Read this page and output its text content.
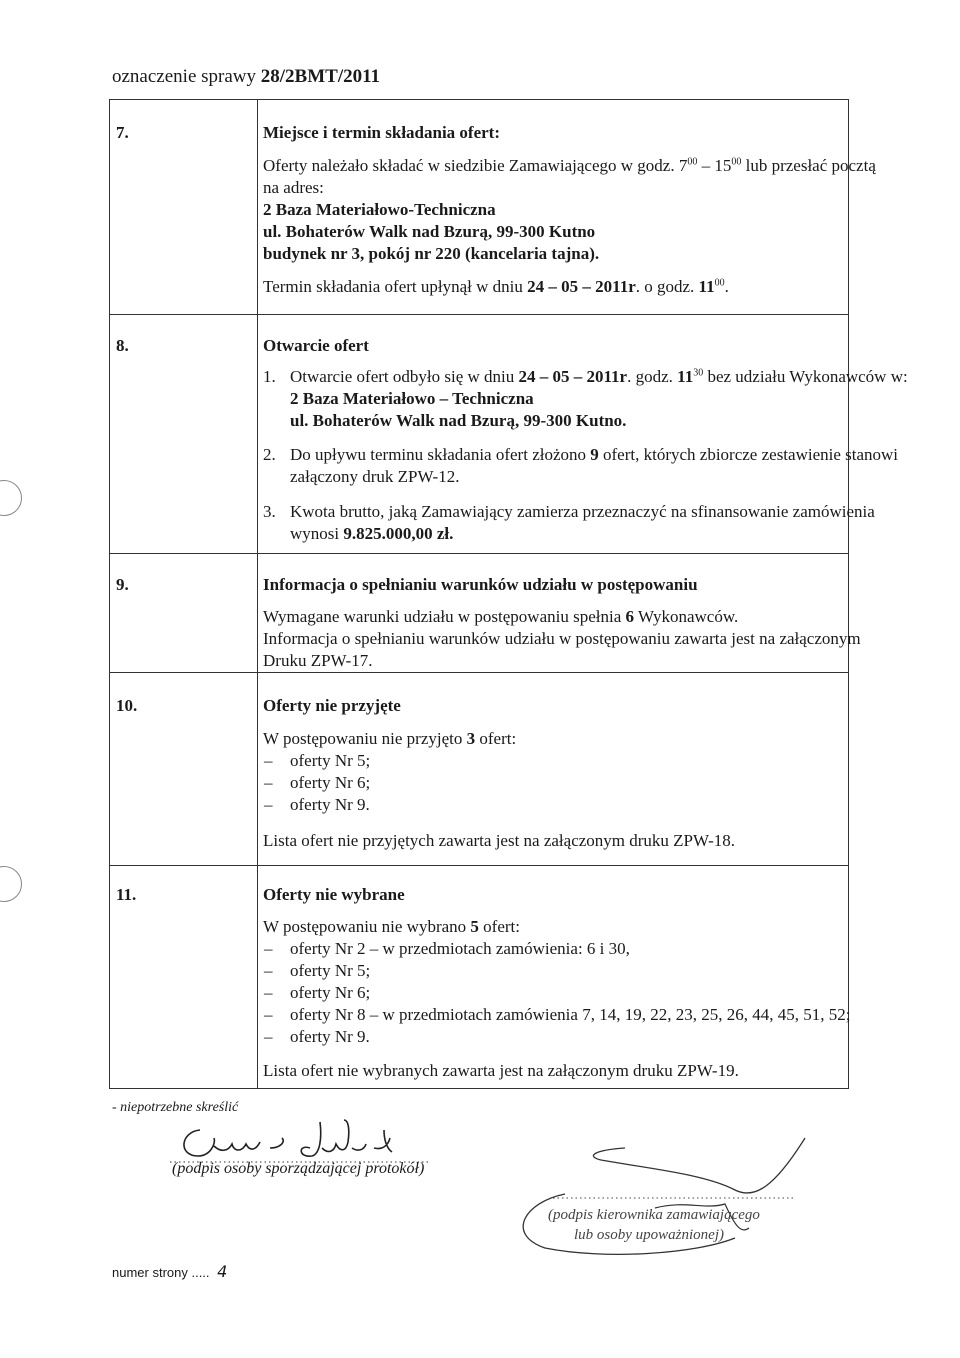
oznaczenie sprawy 28/2BMT/2011
7.	Miejsce i termin składania ofert:
Oferty należało składać w siedzibie Zamawiającego w godz. $7^{00} - 15^{00}$ lub przesłać pocztą
na adres:
2 Baza Materiałowo-Techniczna
ul. Bohaterów Walk nad Bzurą, 99-300 Kutno
budynek nr 3, pokój nr 220 (kancelaria tajna).
Termin składania ofert upłynął w dniu 24 – 05 – 2011r. o godz. $11^{00}$.
8.	Otwarcie ofert
1. Otwarcie ofert odbyło się w dniu 24 – 05 – 2011r. godz. $11^{30}$ bez udziału Wykonawców w:
2 Baza Materiałowo – Techniczna
ul. Bohaterów Walk nad Bzurą, 99-300 Kutno.
2. Do upływu terminu składania ofert złożono 9 ofert, których zbiorcze zestawienie stanowi
załączony druk ZPW-12.
3. Kwota brutto, jaką Zamawiający zamierza przeznaczyć na sfinansowanie zamówienia
wynosi 9.825.000,00 zł.
9.	Informacja o spełnianiu warunków udziału w postępowaniu
Wymagane warunki udziału w postępowaniu spełnia 6 Wykonawców.
Informacja o spełnianiu warunków udziału w postępowaniu zawarta jest na załączonym
Druku ZPW-17.
10.	Oferty nie przyjęte
W postępowaniu nie przyjęto 3 ofert:
– oferty Nr 5;
– oferty Nr 6;
– oferty Nr 9.
Lista ofert nie przyjętych zawarta jest na załączonym druku ZPW-18.
11.	Oferty nie wybrane
W postępowaniu nie wybrano 5 ofert:
– oferty Nr 2 – w przedmiotach zamówienia: 6 i 30,
– oferty Nr 5;
– oferty Nr 6;
– oferty Nr 8 – w przedmiotach zamówienia 7, 14, 19, 22, 23, 25, 26, 44, 45, 51, 52;
– oferty Nr 9.
Lista ofert nie wybranych zawarta jest na załączonym druku ZPW-19.
- niepotrzebne skreślić
(podpis osoby sporządzającej protokół)
(podpis kierownika zamawiającego
lub osoby upoważnionej)
numer strony ..... 4
